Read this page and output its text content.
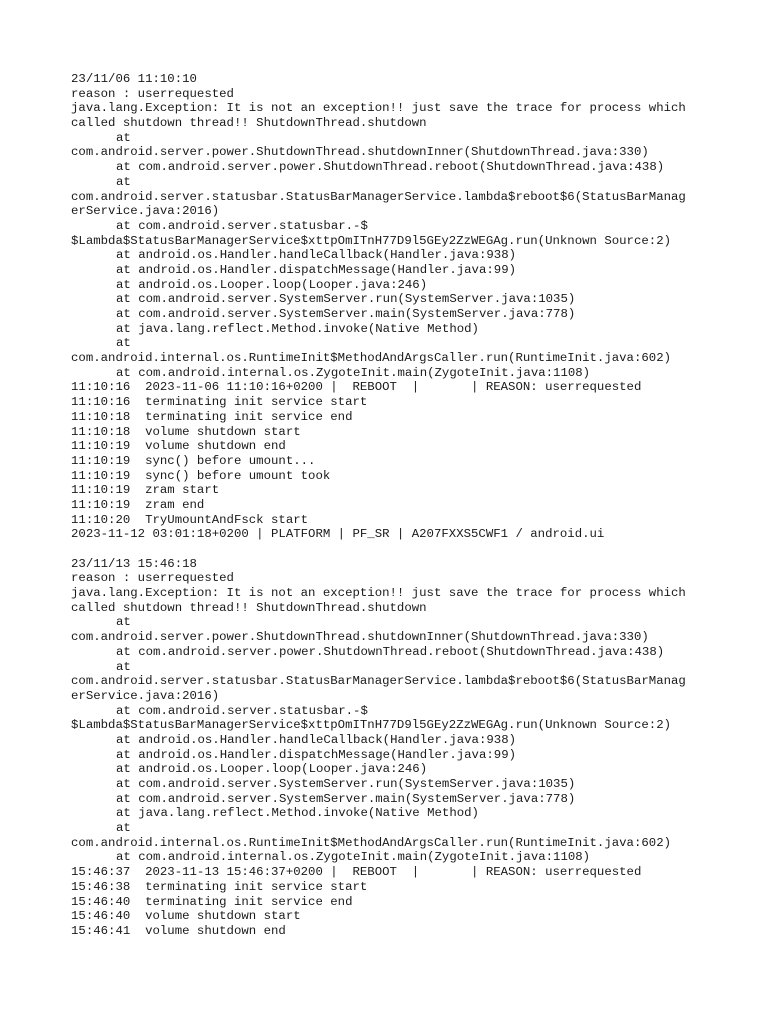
23/11/06 11:10:10
reason : userrequested
java.lang.Exception: It is not an exception!! just save the trace for process which
called shutdown thread!! ShutdownThread.shutdown
at
com.android.server.power.ShutdownThread.shutdownInner(ShutdownThread.java:330)
at com.android.server.power.ShutdownThread.reboot(ShutdownThread.java:438)
at
com.android.server.statusbar.StatusBarManagerService.lambda$reboot$6(StatusBarManag
erService.java:2016)
at com.android.server.statusbar.-$
$Lambda$StatusBarManagerService$xttpOmITnH77D9l5GEy2ZzWEGAg.run(Unknown Source:2)
at android.os.Handler.handleCallback(Handler.java:938)
at android.os.Handler.dispatchMessage(Handler.java:99)
at android.os.Looper.loop(Looper.java:246)
at com.android.server.SystemServer.run(SystemServer.java:1035)
at com.android.server.SystemServer.main(SystemServer.java:778)
at java.lang.reflect.Method.invoke(Native Method)
at
com.android.internal.os.RuntimeInit$MethodAndArgsCaller.run(RuntimeInit.java:602)
at com.android.internal.os.ZygoteInit.main(ZygoteInit.java:1108)
11:10:16  2023-11-06 11:10:16+0200 |  REBOOT  |       | REASON: userrequested
11:10:16  terminating init service start
11:10:18  terminating init service end
11:10:18  volume shutdown start
11:10:19  volume shutdown end
11:10:19  sync() before umount...
11:10:19  sync() before umount took
11:10:19  zram start
11:10:19  zram end
11:10:20  TryUmountAndFsck start
2023-11-12 03:01:18+0200 | PLATFORM | PF_SR | A207FXXS5CWF1 / android.ui
23/11/13 15:46:18
reason : userrequested
java.lang.Exception: It is not an exception!! just save the trace for process which
called shutdown thread!! ShutdownThread.shutdown
at
com.android.server.power.ShutdownThread.shutdownInner(ShutdownThread.java:330)
at com.android.server.power.ShutdownThread.reboot(ShutdownThread.java:438)
at
com.android.server.statusbar.StatusBarManagerService.lambda$reboot$6(StatusBarManag
erService.java:2016)
at com.android.server.statusbar.-$
$Lambda$StatusBarManagerService$xttpOmITnH77D9l5GEy2ZzWEGAg.run(Unknown Source:2)
at android.os.Handler.handleCallback(Handler.java:938)
at android.os.Handler.dispatchMessage(Handler.java:99)
at android.os.Looper.loop(Looper.java:246)
at com.android.server.SystemServer.run(SystemServer.java:1035)
at com.android.server.SystemServer.main(SystemServer.java:778)
at java.lang.reflect.Method.invoke(Native Method)
at
com.android.internal.os.RuntimeInit$MethodAndArgsCaller.run(RuntimeInit.java:602)
at com.android.internal.os.ZygoteInit.main(ZygoteInit.java:1108)
15:46:37  2023-11-13 15:46:37+0200 |  REBOOT  |       | REASON: userrequested
15:46:38  terminating init service start
15:46:40  terminating init service end
15:46:40  volume shutdown start
15:46:41  volume shutdown end
